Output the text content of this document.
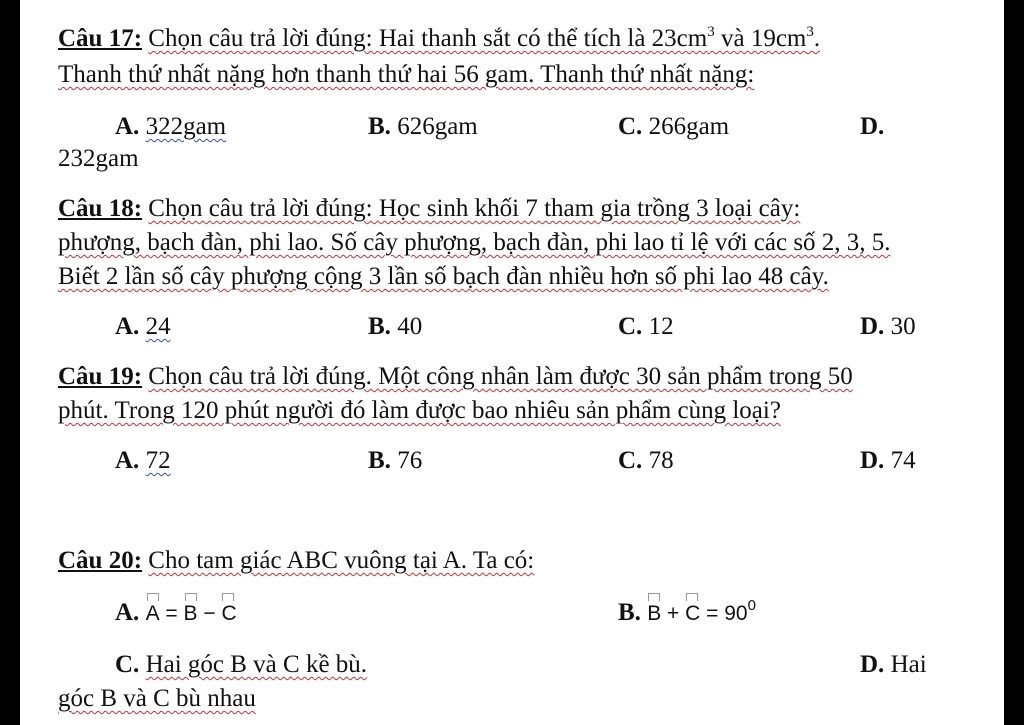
Câu 17: Chọn câu trả lời đúng: Hai thanh sắt có thể tích là $23cm^3$ và $19cm^3$.
Thanh thứ nhất nặng hơn thanh thứ hai 56 gam. Thanh thứ nhất nặng:
A. 322gam	B. 626gam	C. 266gam	D.
232gam
Câu 18: Chọn câu trả lời đúng: Học sinh khối 7 tham gia trồng 3 loại cây:
phượng, bạch đàn, phi lao. Số cây phượng, bạch đàn, phi lao tỉ lệ với các số 2, 3, 5.
Biết 2 lần số cây phượng cộng 3 lần số bạch đàn nhiều hơn số phi lao 48 cây.
A. 24	B. 40	C. 12	D. 30
Câu 19: Chọn câu trả lời đúng. Một công nhân làm được 30 sản phẩm trong 50
phút. Trong 120 phút người đó làm được bao nhiêu sản phẩm cùng loại?
A. 72	B. 76	C. 78	D. 74
Câu 20: Cho tam giác ABC vuông tại A. Ta có:
A. A = B − C	B. $B + C = 90^0$
C. Hai góc B và C kề bù.	D. Hai
góc B và C bù nhau
